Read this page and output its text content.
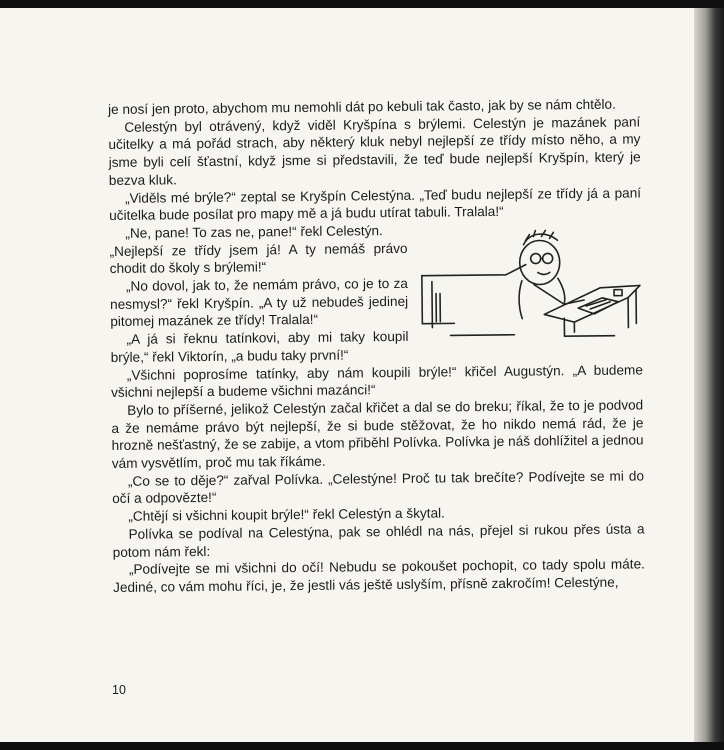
je nosí jen proto, abychom mu nemohli dát po kebuli tak často, jak by se nám chtělo.

Celestýn byl otrávený, když viděl Kryšpína s brýlemi. Celestýn je mazánek paní učitelky a má pořád strach, aby některý kluk nebyl nejlepší ze třídy místo něho, a my jsme byli celí šťastní, když jsme si představili, že teď bude nejlepší Kryšpín, který je bezva kluk.

„Viděls mé brýle?“ zeptal se Kryšpín Celestýna. „Teď budu nejlepší ze třídy já a paní učitelka bude posílat pro mapy mě a já budu utírat tabuli. Tralala!“

„Ne, pane! To zas ne, pane!“ řekl Celestýn.

„Nejlepší ze třídy jsem já! A ty nemáš právo chodit do školy s brýlemi!“

„No dovol, jak to, že nemám právo, co je to za nesmysl?“ řekl Kryšpín. „A ty už nebudeš jedinej pitomej mazánek ze třídy! Tralala!“

„A já si řeknu tatínkovi, aby mi taky koupil brýle,“ řekl Viktorín, „a budu taky první!“

„Všichni poprosíme tatínky, aby nám koupili brýle!“ křičel Augustýn. „A budeme všichni nejlepší a budeme všichni mazánci!“

Bylo to příšerné, jelikož Celestýn začal křičet a dal se do breku; říkal, že to je podvod a že nemáme právo být nejlepší, že si bude stěžovat, že ho nikdo nemá rád, že je hrozně nešťastný, že se zabije, a vtom přiběhl Polívka. Polívka je náš dohlížitel a jednou vám vysvětlím, proč mu tak říkáme.

„Co se to děje?“ zařval Polívka. „Celestýne! Proč tu tak brečíte? Podívejte se mi do očí a odpovězte!“

„Chtějí si všichni koupit brýle!“ řekl Celestýn a škytal.

Polívka se podíval na Celestýna, pak se ohlédl na nás, přejel si rukou přes ústa a potom nám řekl:

„Podívejte se mi všichni do očí! Nebudu se pokoušet pochopit, co tady spolu máte. Jediné, co vám mohu říci, je, že jestli vás ještě uslyším, přísně zakročím! Celestýne,

10
